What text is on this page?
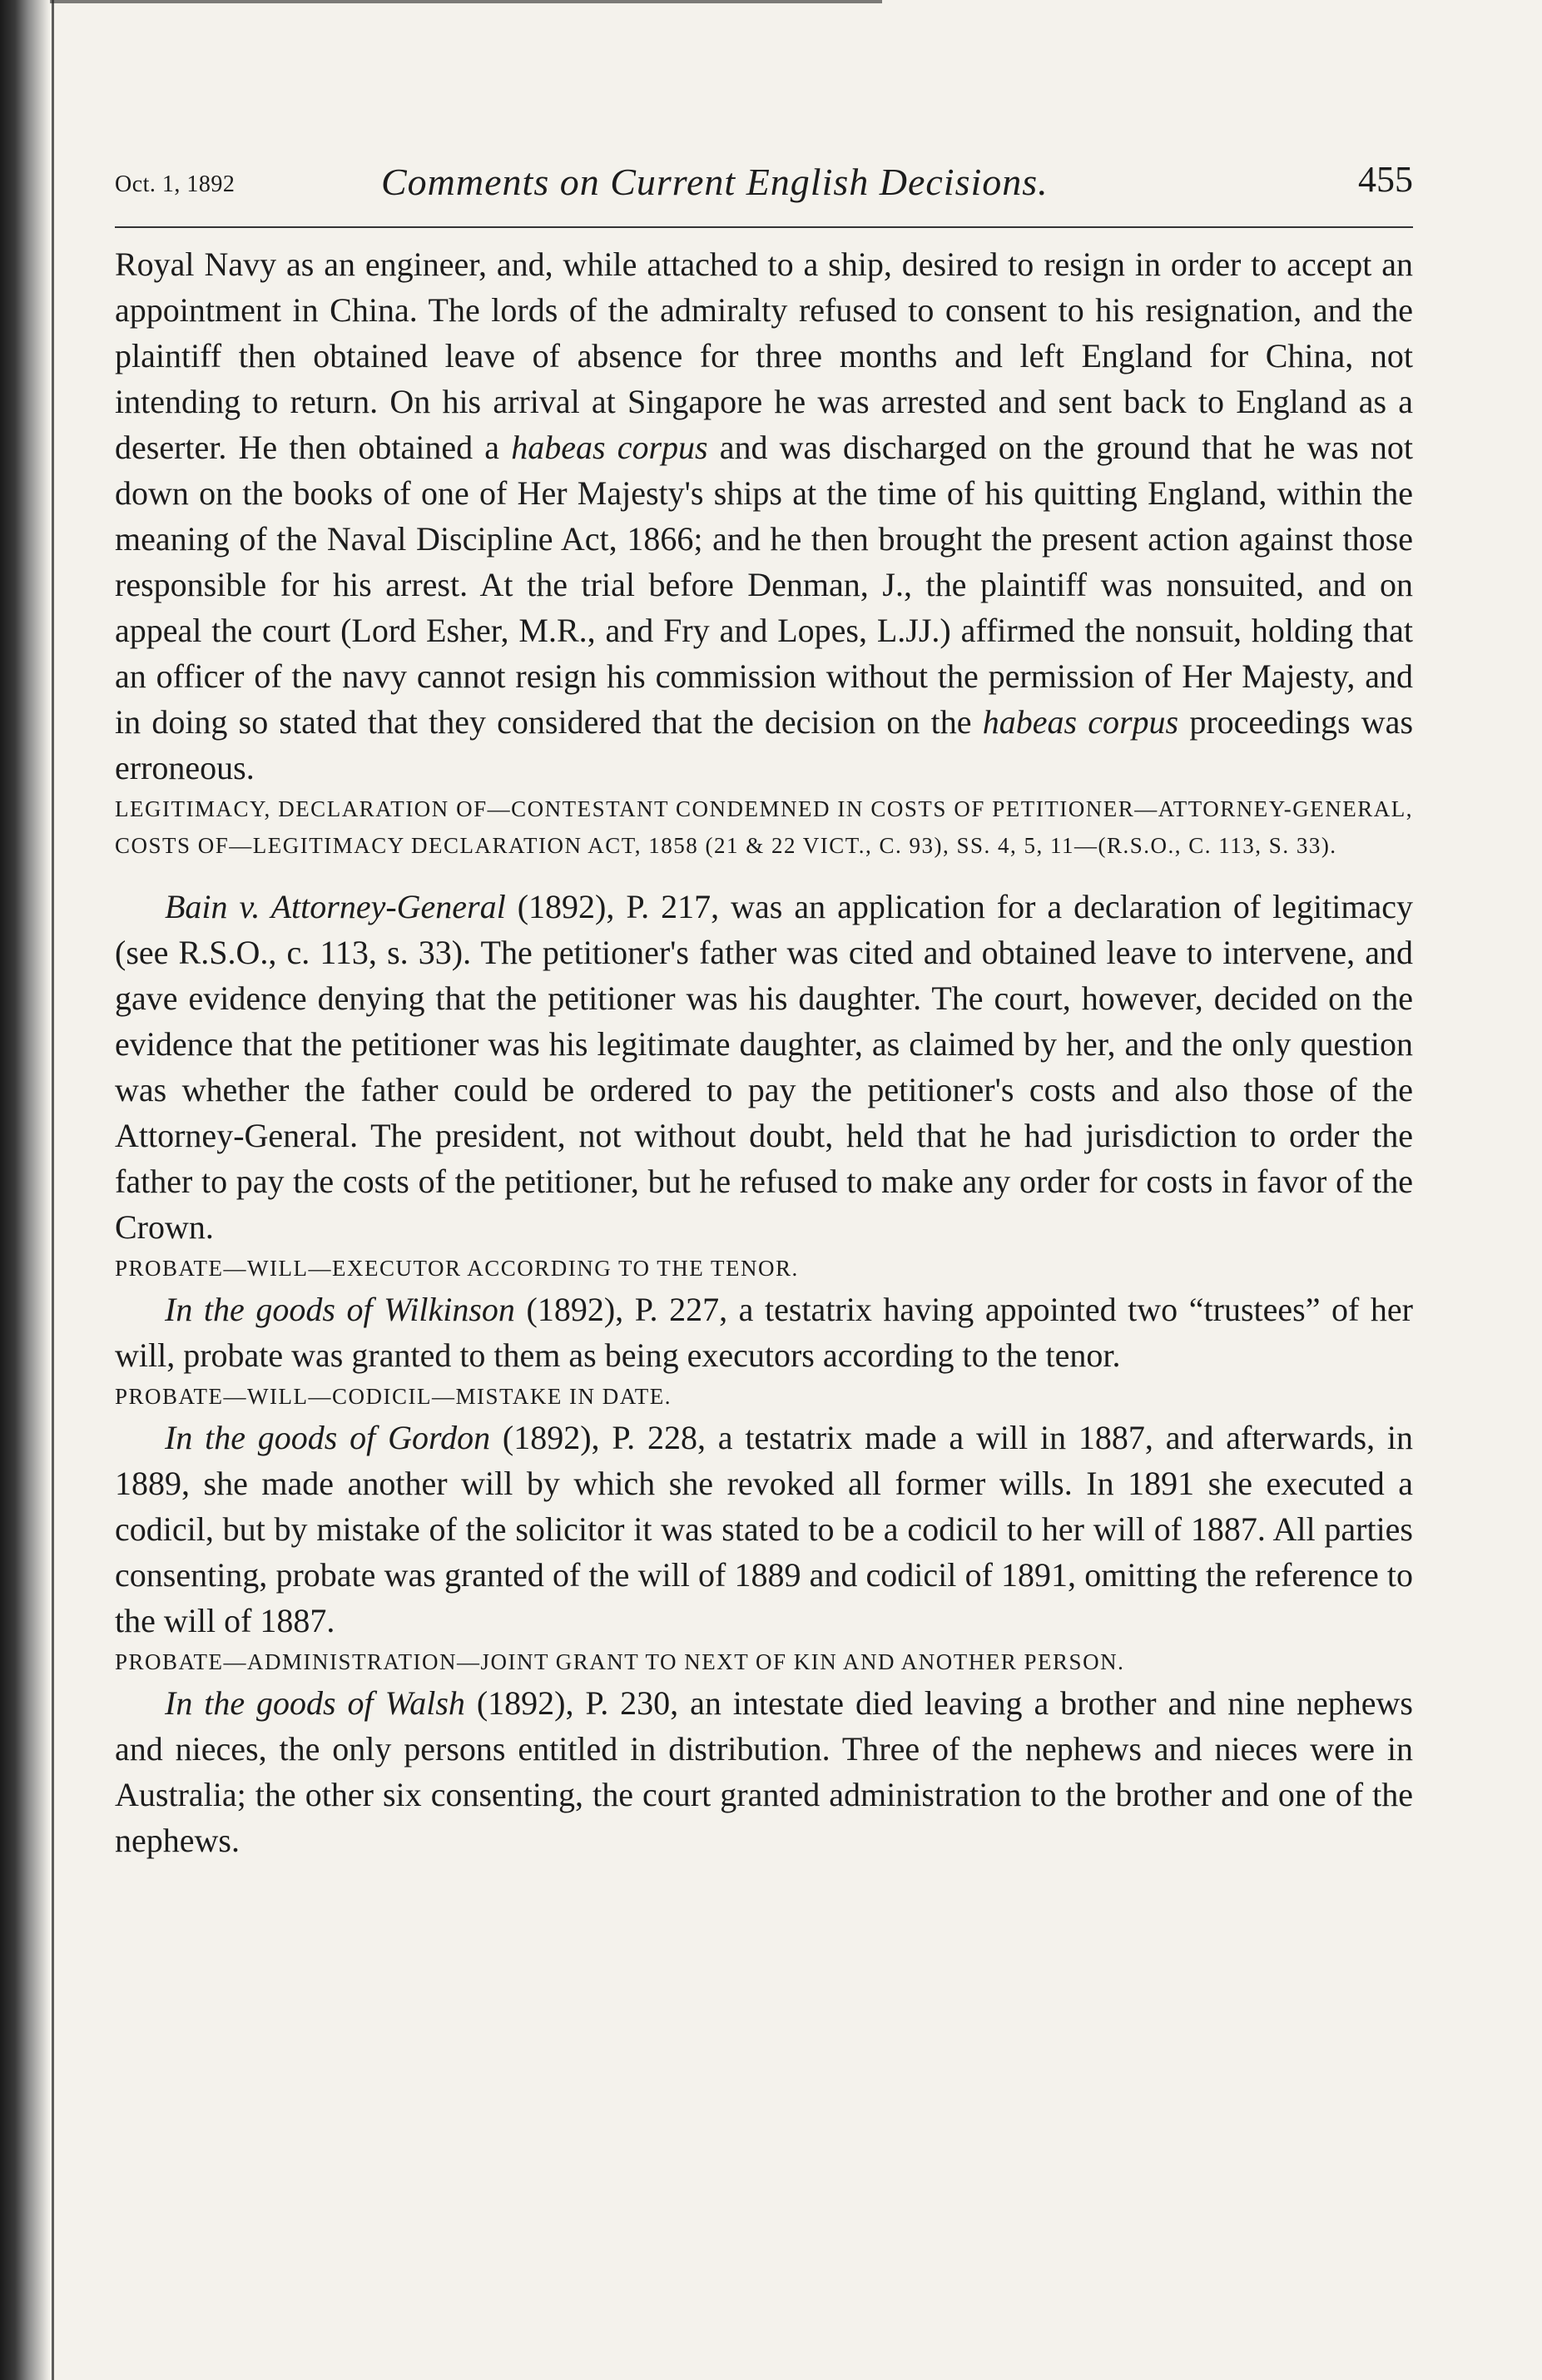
Oct. 1, 1892	Comments on Current English Decisions.	455

Royal Navy as an engineer, and, while attached to a ship, desired to resign in order to accept an appointment in China. The lords of the admiralty refused to consent to his resignation, and the plaintiff then obtained leave of absence for three months and left England for China, not intending to return. On his arrival at Singapore he was arrested and sent back to England as a deserter. He then obtained a habeas corpus and was discharged on the ground that he was not down on the books of one of Her Majesty's ships at the time of his quitting England, within the meaning of the Naval Discipline Act, 1866; and he then brought the present action against those responsible for his arrest. At the trial before Denman, J., the plaintiff was nonsuited, and on appeal the court (Lord Esher, M.R., and Fry and Lopes, L.JJ.) affirmed the nonsuit, holding that an officer of the navy cannot resign his commission without the permission of Her Majesty, and in doing so stated that they considered that the decision on the habeas corpus proceedings was erroneous.

LEGITIMACY, DECLARATION OF—CONTESTANT CONDEMNED IN COSTS OF PETITIONER—ATTORNEY-GENERAL, COSTS OF—LEGITIMACY DECLARATION ACT, 1858 (21 & 22 VICT., C. 93), SS. 4, 5, 11—(R.S.O., C. 113, S. 33).

Bain v. Attorney-General (1892), P. 217, was an application for a declaration of legitimacy (see R.S.O., c. 113, s. 33). The petitioner's father was cited and obtained leave to intervene, and gave evidence denying that the petitioner was his daughter. The court, however, decided on the evidence that the petitioner was his legitimate daughter, as claimed by her, and the only question was whether the father could be ordered to pay the petitioner's costs and also those of the Attorney-General. The president, not without doubt, held that he had jurisdiction to order the father to pay the costs of the petitioner, but he refused to make any order for costs in favor of the Crown.

PROBATE—WILL—EXECUTOR ACCORDING TO THE TENOR.

In the goods of Wilkinson (1892), P. 227, a testatrix having appointed two “trustees” of her will, probate was granted to them as being executors according to the tenor.

PROBATE—WILL—CODICIL—MISTAKE IN DATE.

In the goods of Gordon (1892), P. 228, a testatrix made a will in 1887, and afterwards, in 1889, she made another will by which she revoked all former wills. In 1891 she executed a codicil, but by mistake of the solicitor it was stated to be a codicil to her will of 1887. All parties consenting, probate was granted of the will of 1889 and codicil of 1891, omitting the reference to the will of 1887.

PROBATE—ADMINISTRATION—JOINT GRANT TO NEXT OF KIN AND ANOTHER PERSON.

In the goods of Walsh (1892), P. 230, an intestate died leaving a brother and nine nephews and nieces, the only persons entitled in distribution. Three of the nephews and nieces were in Australia; the other six consenting, the court granted administration to the brother and one of the nephews.
